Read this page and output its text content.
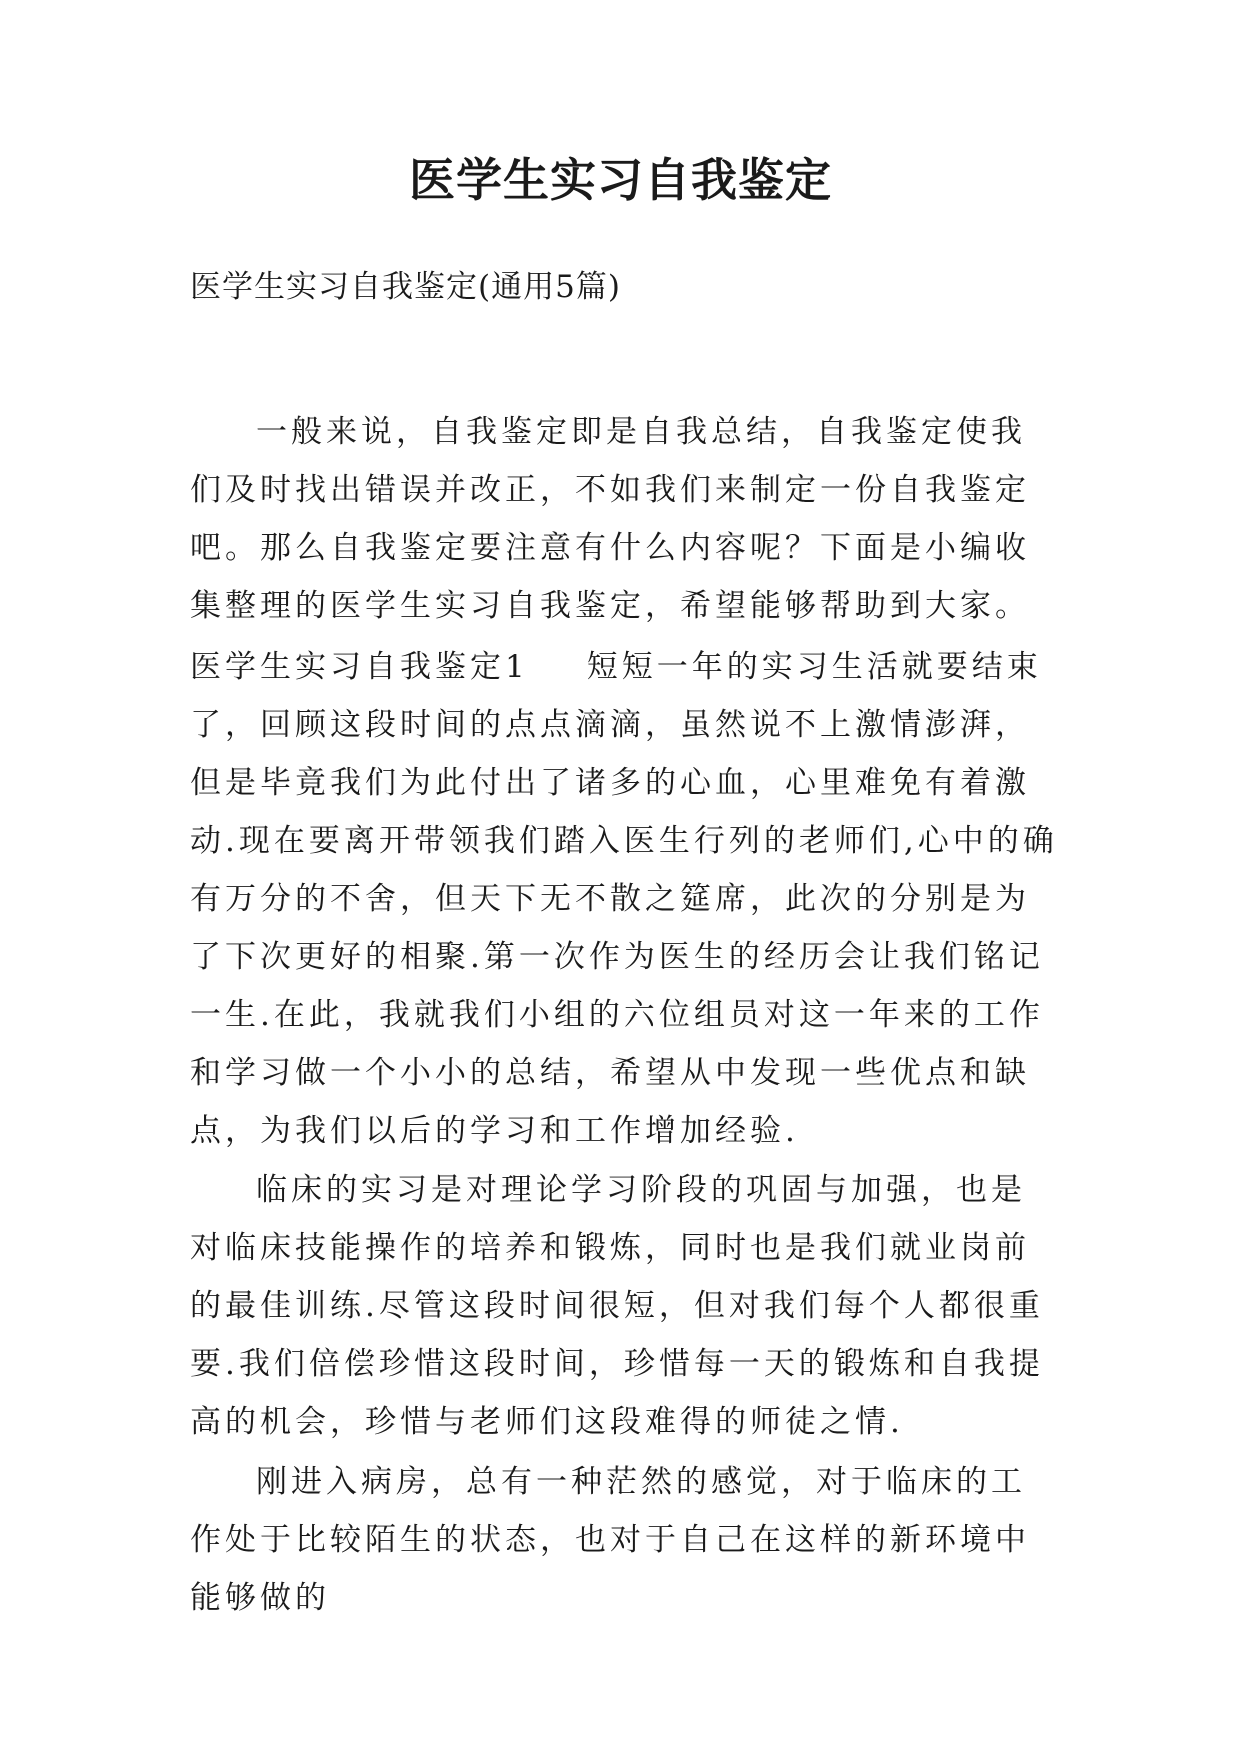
医学生实习自我鉴定

医学生实习自我鉴定(通用5篇)

一般来说，自我鉴定即是自我总结，自我鉴定使我们及时找出错误并改正，不如我们来制定一份自我鉴定吧。那么自我鉴定要注意有什么内容呢？下面是小编收集整理的医学生实习自我鉴定，希望能够帮助到大家。

医学生实习自我鉴定1 短短一年的实习生活就要结束了，回顾这段时间的点点滴滴，虽然说不上激情澎湃，但是毕竟我们为此付出了诸多的心血，心里难免有着激动.现在要离开带领我们踏入医生行列的老师们,心中的确有万分的不舍，但天下无不散之筵席，此次的分别是为了下次更好的相聚.第一次作为医生的经历会让我们铭记一生.在此，我就我们小组的六位组员对这一年来的工作和学习做一个小小的总结，希望从中发现一些优点和缺点，为我们以后的学习和工作增加经验.

临床的实习是对理论学习阶段的巩固与加强，也是对临床技能操作的培养和锻炼，同时也是我们就业岗前的最佳训练.尽管这段时间很短，但对我们每个人都很重要.我们倍偿珍惜这段时间，珍惜每一天的锻炼和自我提高的机会，珍惜与老师们这段难得的师徒之情.

刚进入病房，总有一种茫然的感觉，对于临床的工作处于比较陌生的状态，也对于自己在这样的新环境中能够做的
